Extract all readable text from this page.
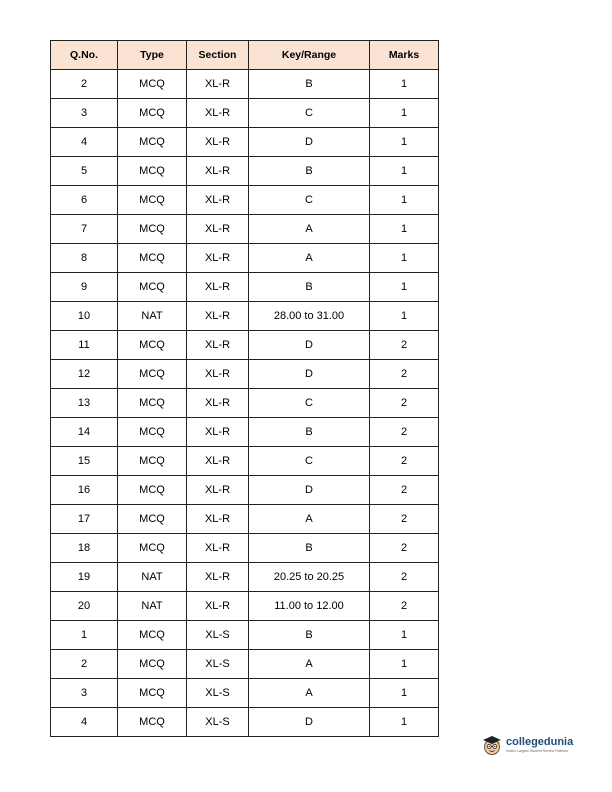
Q.No.	Type	Section	Key/Range	Marks
2	MCQ	XL-R	B	1
3	MCQ	XL-R	C	1
4	MCQ	XL-R	D	1
5	MCQ	XL-R	B	1
6	MCQ	XL-R	C	1
7	MCQ	XL-R	A	1
8	MCQ	XL-R	A	1
9	MCQ	XL-R	B	1
10	NAT	XL-R	28.00 to 31.00	1
11	MCQ	XL-R	D	2
12	MCQ	XL-R	D	2
13	MCQ	XL-R	C	2
14	MCQ	XL-R	B	2
15	MCQ	XL-R	C	2
16	MCQ	XL-R	D	2
17	MCQ	XL-R	A	2
18	MCQ	XL-R	B	2
19	NAT	XL-R	20.25 to 20.25	2
20	NAT	XL-R	11.00 to 12.00	2
1	MCQ	XL-S	B	1
2	MCQ	XL-S	A	1
3	MCQ	XL-S	A	1
4	MCQ	XL-S	D	1
collegedunia
India's Largest Student Review Platform
